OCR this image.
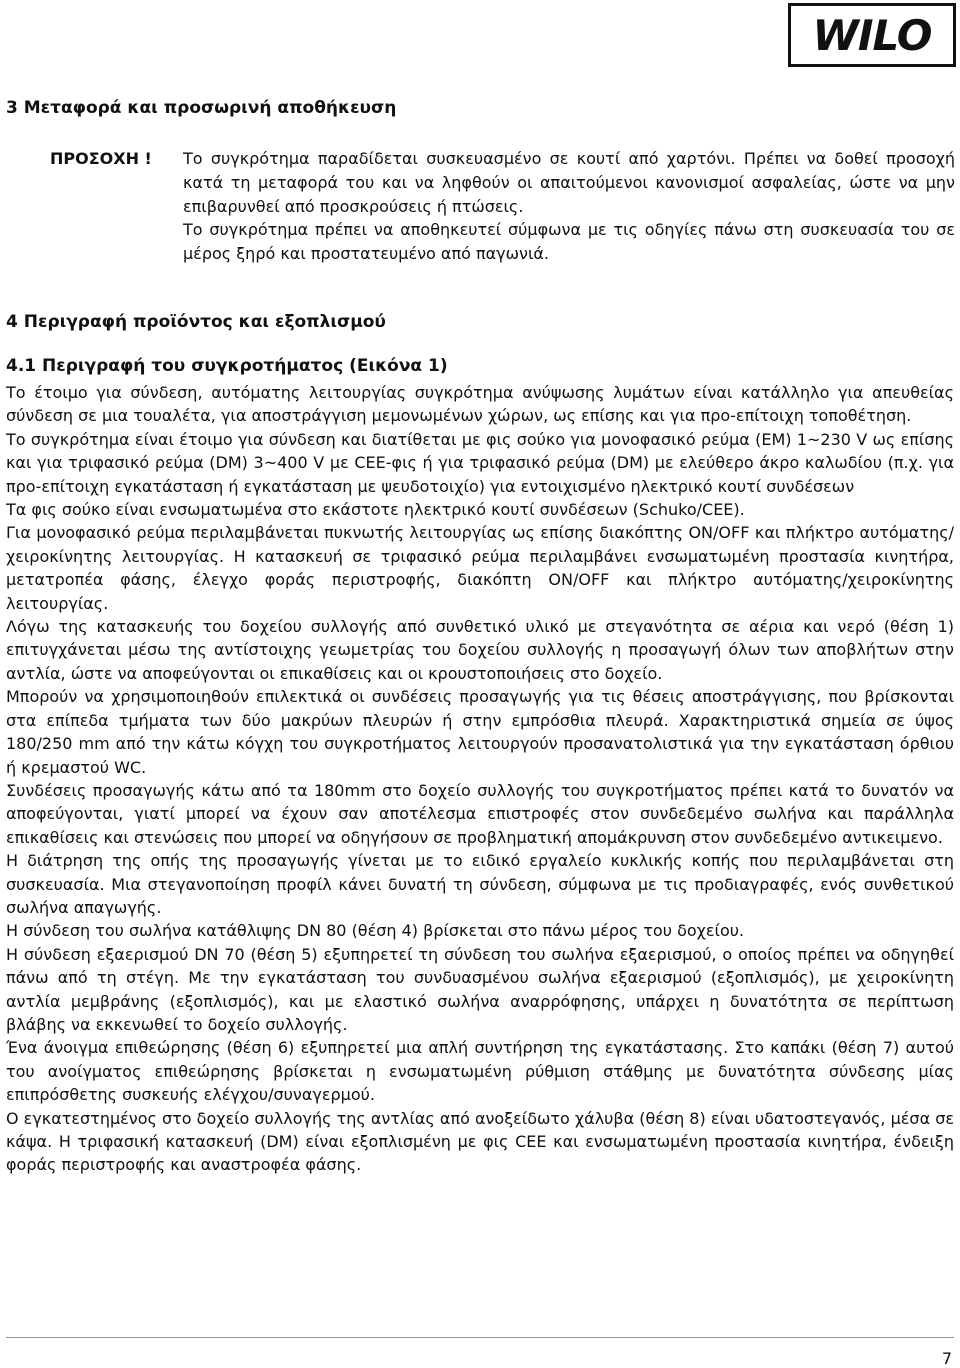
WILO
3 Μεταφορά και προσωρινή αποθήκευση
ΠΡΟΣΟΧΗ ! Το συγκρότημα παραδίδεται συσκευασμένο σε κουτί από χαρτόνι. Πρέπει να δοθεί προσοχή κατά τη μεταφορά του και να ληφθούν οι απαιτούμενοι κανονισμοί ασφαλείας, ώστε να μην επιβαρυνθεί από προσκρούσεις ή πτώσεις.

Το συγκρότημα πρέπει να αποθηκευτεί σύμφωνα με τις οδηγίες πάνω στη συσκευασία του σε μέρος ξηρό και προστατευμένο από παγωνιά.

4 Περιγραφή προϊόντος και εξοπλισμού
4.1 Περιγραφή του συγκροτήματος (Εικόνα 1)

Το έτοιμο για σύνδεση, αυτόματης λειτουργίας συγκρότημα ανύψωσης λυμάτων είναι κατάλληλο για απευθείας σύνδεση σε μια τουαλέτα, για αποστράγγιση μεμονωμένων χώρων, ως επίσης και για προ-επίτοιχη τοποθέτηση.

Το συγκρότημα είναι έτοιμο για σύνδεση και διατίθεται με φις σούκο για μονοφασικό ρεύμα (ΕΜ) 1~230 V ως επίσης και για τριφασικό ρεύμα (DM) 3~400 V με CEE-φις ή για τριφασικό ρεύμα (DM) με ελεύθερο άκρο καλωδίου (π.χ. για προ-επίτοιχη εγκατάσταση ή εγκατάσταση με ψευδοτοιχίο) για εντοιχισμένο ηλεκτρικό κουτί συνδέσεων

Τα φις σούκο είναι ενσωματωμένα στο εκάστοτε ηλεκτρικό κουτί συνδέσεων (Schuko/CEE).

Για μονοφασικό ρεύμα περιλαμβάνεται πυκνωτής λειτουργίας ως επίσης διακόπτης ON/OFF και πλήκτρο αυτόματης/χειροκίνητης λειτουργίας. Η κατασκευή σε τριφασικό ρεύμα περιλαμβάνει ενσωματωμένη προστασία κινητήρα, μετατροπέα φάσης, έλεγχο φοράς περιστροφής, διακόπτη ON/OFF και πλήκτρο αυτόματης/χειροκίνητης λειτουργίας.

Λόγω της κατασκευής του δοχείου συλλογής από συνθετικό υλικό με στεγανότητα σε αέρια και νερό (θέση 1) επιτυγχάνεται μέσω της αντίστοιχης γεωμετρίας του δοχείου συλλογής η προσαγωγή όλων των αποβλήτων στην αντλία, ώστε να αποφεύγονται οι επικαθίσεις και οι κρουστοποιήσεις στο δοχείο.

Μπορούν να χρησιμοποιηθούν επιλεκτικά οι συνδέσεις προσαγωγής για τις θέσεις αποστράγγισης, που βρίσκονται στα επίπεδα τμήματα των δύο μακρύων πλευρών ή στην εμπρόσθια πλευρά. Χαρακτηριστικά σημεία σε ύψος 180/250 mm από την κάτω κόγχη του συγκροτήματος λειτουργούν προσανατολιστικά για την εγκατάσταση όρθιου ή κρεμαστού WC.

Συνδέσεις προσαγωγής κάτω από τα 180mm στο δοχείο συλλογής του συγκροτήματος πρέπει κατά το δυνατόν να αποφεύγονται, γιατί μπορεί να έχουν σαν αποτέλεσμα επιστροφές στον συνδεδεμένο σωλήνα και παράλληλα επικαθίσεις και στενώσεις που μπορεί να οδηγήσουν σε προβληματική απομάκρυνση στον συνδεδεμένο αντικειμενο.

Η διάτρηση της οπής της προσαγωγής γίνεται με το ειδικό εργαλείο κυκλικής κοπής που περιλαμβάνεται στη συσκευασία. Μια στεγανοποίηση προφίλ κάνει δυνατή τη σύνδεση, σύμφωνα με τις προδιαγραφές, ενός συνθετικού σωλήνα απαγωγής.

Η σύνδεση του σωλήνα κατάθλιψης DN 80 (θέση 4) βρίσκεται στο πάνω μέρος του δοχείου.

Η σύνδεση εξαερισμού DN 70 (θέση 5) εξυπηρετεί τη σύνδεση του σωλήνα εξαερισμού, ο οποίος πρέπει να οδηγηθεί πάνω από τη στέγη. Με την εγκατάσταση του συνδυασμένου σωλήνα εξαερισμού (εξοπλισμός), με χειροκίνητη αντλία μεμβράνης (εξοπλισμός), και με ελαστικό σωλήνα αναρρόφησης, υπάρχει η δυνατότητα σε περίπτωση βλάβης να εκκενωθεί το δοχείο συλλογής.

Ένα άνοιγμα επιθεώρησης (θέση 6) εξυπηρετεί μια απλή συντήρηση της εγκατάστασης. Στο καπάκι (θέση 7) αυτού του ανοίγματος επιθεώρησης βρίσκεται η ενσωματωμένη ρύθμιση στάθμης με δυνατότητα σύνδεσης μίας επιπρόσθετης συσκευής ελέγχου/συναγερμού.

Ο εγκατεστημένος στο δοχείο συλλογής της αντλίας από ανοξείδωτο χάλυβα (θέση 8) είναι υδατοστεγανός, μέσα σε κάψα. Η τριφασική κατασκευή (DM) είναι εξοπλισμένη με φις CEE και ενσωματωμένη προστασία κινητήρα, ένδειξη φοράς περιστροφής και αναστροφέα φάσης.

7
